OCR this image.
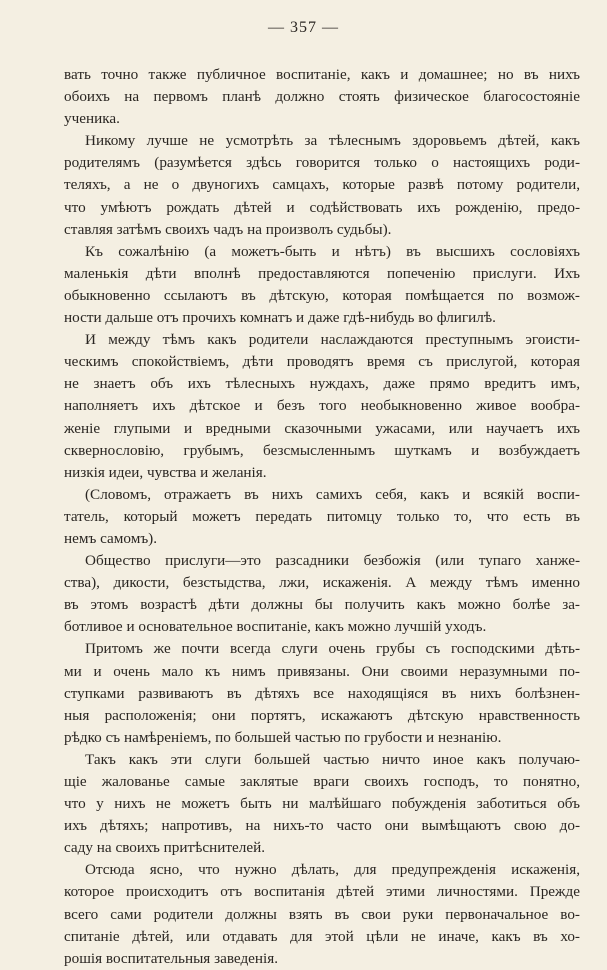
— 357 —
вать точно также публичное воспитанiе, какъ и домашнее; но въ нихъ
обоихъ на первомъ планѣ должно стоять физическое благосостоянiе
ученика.
Никому лучше не усмотрѣть за тѣлеснымъ здоровьемъ дѣтей, какъ
родителямъ (разумѣется здѣсь говорится только о настоящихъ роди-
теляхъ, а не о двуногихъ самцахъ, которые развѣ потому родители,
что умѣютъ рождать дѣтей и содѣйствовать ихъ рожденiю, предо-
ставляя затѣмъ своихъ чадъ на произволъ судьбы).
Къ сожалѣнiю (а можетъ-быть и нѣтъ) въ высшихъ сословiяхъ
маленькiя дѣти вполнѣ предоставляются попеченiю прислуги. Ихъ
обыкновенно ссылаютъ въ дѣтскую, которая помѣщается по возмож-
ности дальше отъ прочихъ комнатъ и даже гдѣ-нибудь во флигилѣ.
И между тѣмъ какъ родители наслаждаются преступнымъ эгоисти-
ческимъ спокойствiемъ, дѣти проводятъ время съ прислугой, которая
не знаетъ объ ихъ тѣлесныхъ нуждахъ, даже прямо вредитъ имъ,
наполняетъ ихъ дѣтское и безъ того необыкновенно живое вообра-
женiе глупыми и вредными сказочными ужасами, или научаетъ ихъ
сквернословiю, грубымъ, безсмысленнымъ шуткамъ и возбуждаетъ
низкiя идеи, чувства и желанiя.
(Словомъ, отражаетъ въ нихъ самихъ себя, какъ и всякiй воспи-
татель, который можетъ передать питомцу только то, что есть въ
немъ самомъ).
Общество прислуги—это разсадники безбожiя (или тупаго ханже-
ства), дикости, безстыдства, лжи, искаженiя. А между тѣмъ именно
въ этомъ возрастѣ дѣти должны бы получить какъ можно болѣе за-
ботливое и основательное воспитанiе, какъ можно лучшiй уходъ.
Притомъ же почти всегда слуги очень грубы съ господскими дѣть-
ми и очень мало къ нимъ привязаны. Они своими неразумными по-
ступками развиваютъ въ дѣтяхъ все находящiяся въ нихъ болѣзнен-
ныя расположенiя; они портятъ, искажаютъ дѣтскую нравственность
рѣдко съ намѣренiемъ, по большей частью по грубости и незнанiю.
Такъ какъ эти слуги большей частью ничто иное какъ получаю-
щiе жалованье самые заклятые враги своихъ господъ, то понятно,
что у нихъ не можетъ быть ни малѣйшаго побужденiя заботиться объ
ихъ дѣтяхъ; напротивъ, на нихъ-то часто они вымѣщаютъ свою до-
саду на своихъ притѣснителей.
Отсюда ясно, что нужно дѣлать, для предупрежденiя искаженiя,
которое происходитъ отъ воспитанiя дѣтей этими личностями. Прежде
всего сами родители должны взять въ свои руки первоначальное во-
спитанiе дѣтей, или отдавать для этой цѣли не иначе, какъ въ хо-
рошiя воспитательныя заведенiя.
